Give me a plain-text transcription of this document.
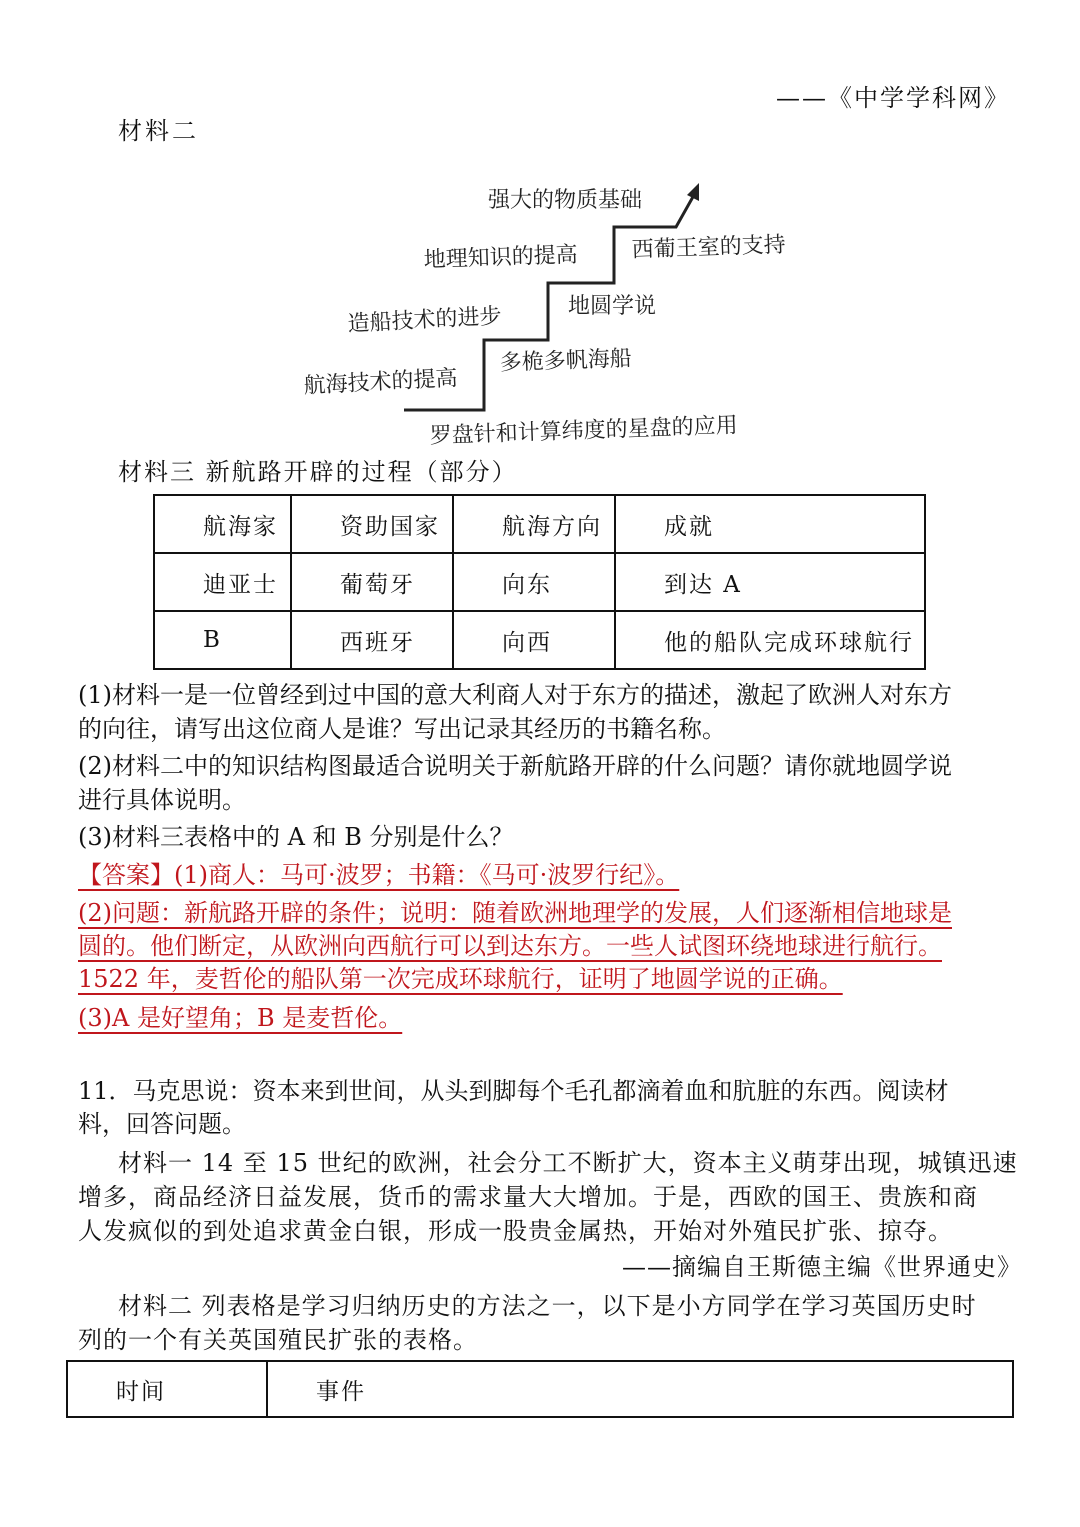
——《中学学科网》
材料二
强大的物质基础
地理知识的提高 西葡王室的支持
地圆学说
造船技术的进步
多桅多帆海船
航海技术的提高
罗盘针和计算纬度的星盘的应用
材料三 新航路开辟的过程（部分）
航海家	资助国家	航海方向	成就
迪亚士	葡萄牙	向东	到达 A
B	西班牙	向西	他的船队完成环球航行
(1)材料一是一位曾经到过中国的意大利商人对于东方的描述，激起了欧洲人对东方
的向往，请写出这位商人是谁？写出记录其经历的书籍名称。
(2)材料二中的知识结构图最适合说明关于新航路开辟的什么问题？请你就地圆学说
进行具体说明。
(3)材料三表格中的 A 和 B 分别是什么？
【答案】(1)商人：马可·波罗；书籍：《马可·波罗行纪》。
(2)问题：新航路开辟的条件；说明：随着欧洲地理学的发展，人们逐渐相信地球是
圆的。他们断定，从欧洲向西航行可以到达东方。一些人试图环绕地球进行航行。
1522 年，麦哲伦的船队第一次完成环球航行，证明了地圆学说的正确。
(3)A 是好望角；B 是麦哲伦。
11．马克思说：资本来到世间，从头到脚每个毛孔都滴着血和肮脏的东西。阅读材
料，回答问题。
材料一 14 至 15 世纪的欧洲，社会分工不断扩大，资本主义萌芽出现，城镇迅速
增多，商品经济日益发展，货币的需求量大大增加。于是，西欧的国王、贵族和商
人发疯似的到处追求黄金白银，形成一股贵金属热，开始对外殖民扩张、掠夺。
——摘编自王斯德主编《世界通史》
材料二 列表格是学习归纳历史的方法之一，以下是小方同学在学习英国历史时
列的一个有关英国殖民扩张的表格。
时间	事件
